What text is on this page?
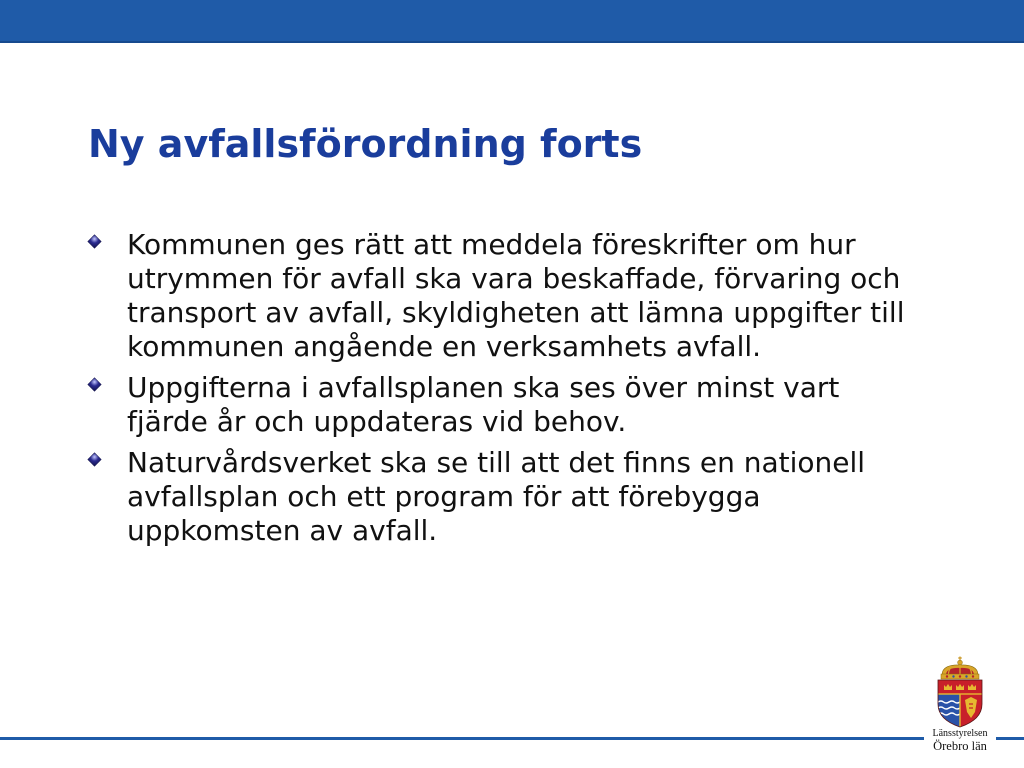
Ny avfallsförordning forts
Kommunen ges rätt att meddela föreskrifter om hur
utrymmen för avfall ska vara beskaffade, förvaring och
transport av avfall, skyldigheten att lämna uppgifter till
kommunen angående en verksamhets avfall.
Uppgifterna i avfallsplanen ska ses över minst vart
fjärde år och uppdateras vid behov.
Naturvårdsverket ska se till att det finns en nationell
avfallsplan och ett program för att förebygga
uppkomsten av avfall.
Länsstyrelsen
Örebro län
